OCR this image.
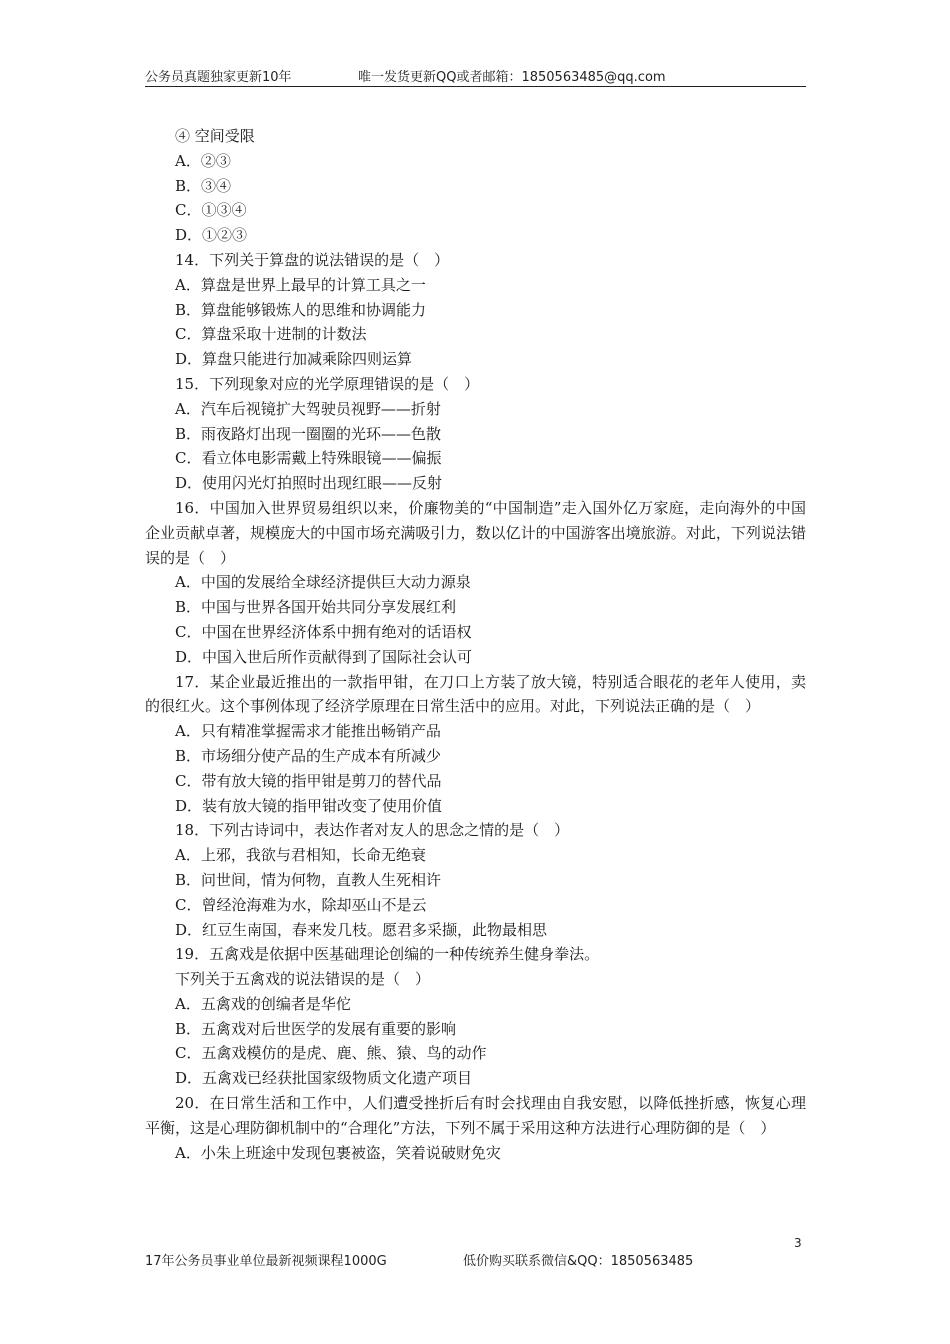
公务员真题独家更新10年	唯一发货更新QQ或者邮箱：1850563485@qq.com
④ 空间受限
A．②③
B．③④
C．①③④
D．①②③
14．下列关于算盘的说法错误的是（　）
A．算盘是世界上最早的计算工具之一
B．算盘能够锻炼人的思维和协调能力
C．算盘采取十进制的计数法
D．算盘只能进行加减乘除四则运算
15．下列现象对应的光学原理错误的是（　）
A．汽车后视镜扩大驾驶员视野——折射
B．雨夜路灯出现一圈圈的光环——色散
C．看立体电影需戴上特殊眼镜——偏振
D．使用闪光灯拍照时出现红眼——反射
16．中国加入世界贸易组织以来，价廉物美的“中国制造”走入国外亿万家庭，走向海外的中国企业贡献卓著，规模庞大的中国市场充满吸引力，数以亿计的中国游客出境旅游。对此，下列说法错误的是（　）
A．中国的发展给全球经济提供巨大动力源泉
B．中国与世界各国开始共同分享发展红利
C．中国在世界经济体系中拥有绝对的话语权
D．中国入世后所作贡献得到了国际社会认可
17．某企业最近推出的一款指甲钳，在刀口上方装了放大镜，特别适合眼花的老年人使用，卖的很红火。这个事例体现了经济学原理在日常生活中的应用。对此，下列说法正确的是（　）
A．只有精准掌握需求才能推出畅销产品
B．市场细分使产品的生产成本有所减少
C．带有放大镜的指甲钳是剪刀的替代品
D．装有放大镜的指甲钳改变了使用价值
18．下列古诗词中，表达作者对友人的思念之情的是（　）
A．上邪，我欲与君相知，长命无绝衰
B．问世间，情为何物，直教人生死相许
C．曾经沧海难为水，除却巫山不是云
D．红豆生南国，春来发几枝。愿君多采撷，此物最相思
19．五禽戏是依据中医基础理论创编的一种传统养生健身拳法。
下列关于五禽戏的说法错误的是（　）
A．五禽戏的创编者是华佗
B．五禽戏对后世医学的发展有重要的影响
C．五禽戏模仿的是虎、鹿、熊、猿、鸟的动作
D．五禽戏已经获批国家级物质文化遗产项目
20．在日常生活和工作中，人们遭受挫折后有时会找理由自我安慰，以降低挫折感，恢复心理平衡，这是心理防御机制中的“合理化”方法，下列不属于采用这种方法进行心理防御的是（　）
A．小朱上班途中发现包裹被盗，笑着说破财免灾
3
17年公务员事业单位最新视频课程1000G	低价购买联系微信&QQ：1850563485
